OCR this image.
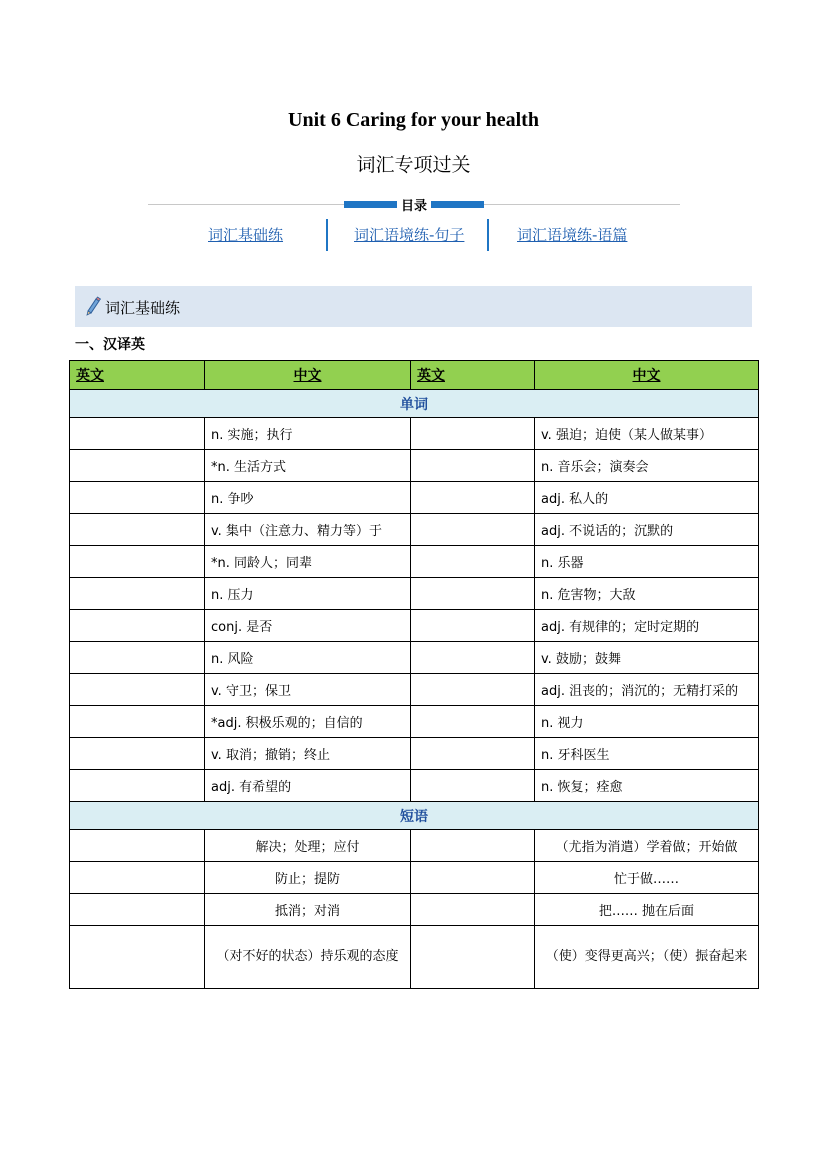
Unit 6 Caring for your health
词汇专项过关
目录
词汇基础练	词汇语境练-句子	词汇语境练-语篇
词汇基础练
一、汉译英
英文	中文	英文	中文
单词			
	n. 实施；执行		v. 强迫；迫使（某人做某事）
	*n. 生活方式		n. 音乐会；演奏会
	n. 争吵		adj. 私人的
	v. 集中（注意力、精力等）于		adj. 不说话的；沉默的
	*n. 同龄人；同辈		n. 乐器
	n. 压力		n. 危害物；大敌
	conj. 是否		adj. 有规律的；定时定期的
	n. 风险		v. 鼓励；鼓舞
	v. 守卫；保卫		adj. 沮丧的；消沉的；无精打采的
	*adj. 积极乐观的；自信的		n. 视力
	v. 取消；撤销；终止		n. 牙科医生
	adj. 有希望的		n. 恢复；痊愈
短语			
	解决；处理；应付		（尤指为消遣）学着做；开始做
	防止；提防		忙于做……
	抵消；对消		把…… 抛在后面
	（对不好的状态）持乐观的态度		（使）变得更高兴；（使）振奋起来
